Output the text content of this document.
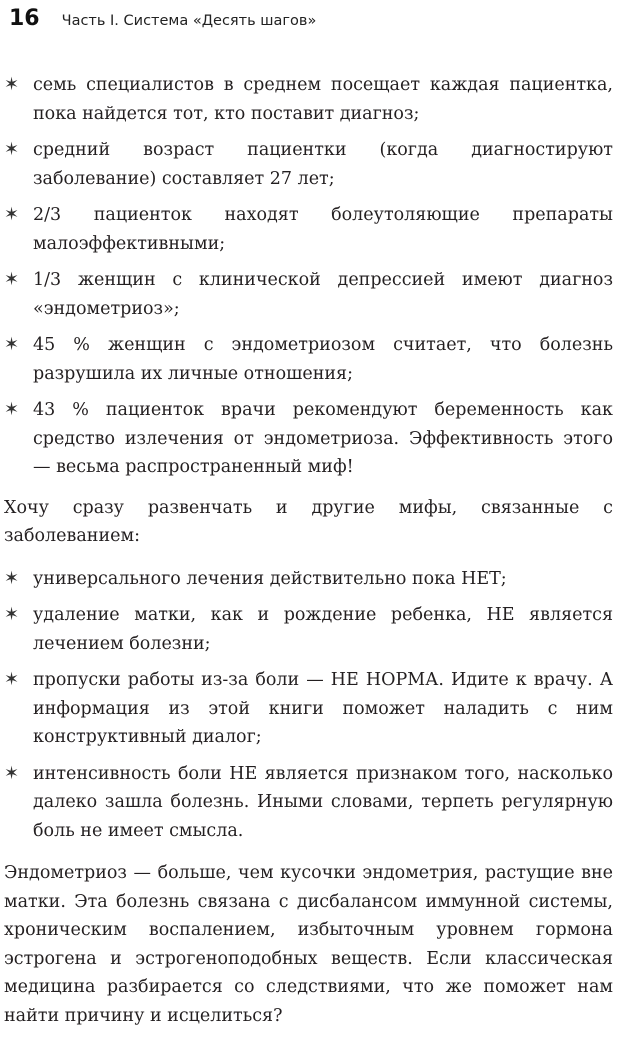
16 Часть I. Система «Десять шагов»
✶ семь специалистов в среднем посещает каждая пациентка, пока найдется тот, кто поставит диагноз;
✶ средний возраст пациентки (когда диагностируют заболевание) составляет 27 лет;
✶ 2/3 пациенток находят болеутоляющие препараты малоэффективными;
✶ 1/3 женщин с клинической депрессией имеют диагноз «эндометриоз»;
✶ 45 % женщин с эндометриозом считает, что болезнь разрушила их личные отношения;
✶ 43 % пациенток врачи рекомендуют беременность как средство излечения от эндометриоза. Эффективность этого — весьма распространенный миф!

Хочу сразу развенчать и другие мифы, связанные с заболеванием:

✶ универсального лечения действительно пока НЕТ;
✶ удаление матки, как и рождение ребенка, НЕ является лечением болезни;
✶ пропуски работы из-за боли — НЕ НОРМА. Идите к врачу. А информация из этой книги поможет наладить с ним конструктивный диалог;
✶ интенсивность боли НЕ является признаком того, насколько далеко зашла болезнь. Иными словами, терпеть регулярную боль не имеет смысла.

Эндометриоз — больше, чем кусочки эндометрия, растущие вне матки. Эта болезнь связана с дисбалансом иммунной системы, хроническим воспалением, избыточным уровнем гормона эстрогена и эстрогеноподобных веществ. Если классическая медицина разбирается со следствиями, что же поможет нам найти причину и исцелиться?
